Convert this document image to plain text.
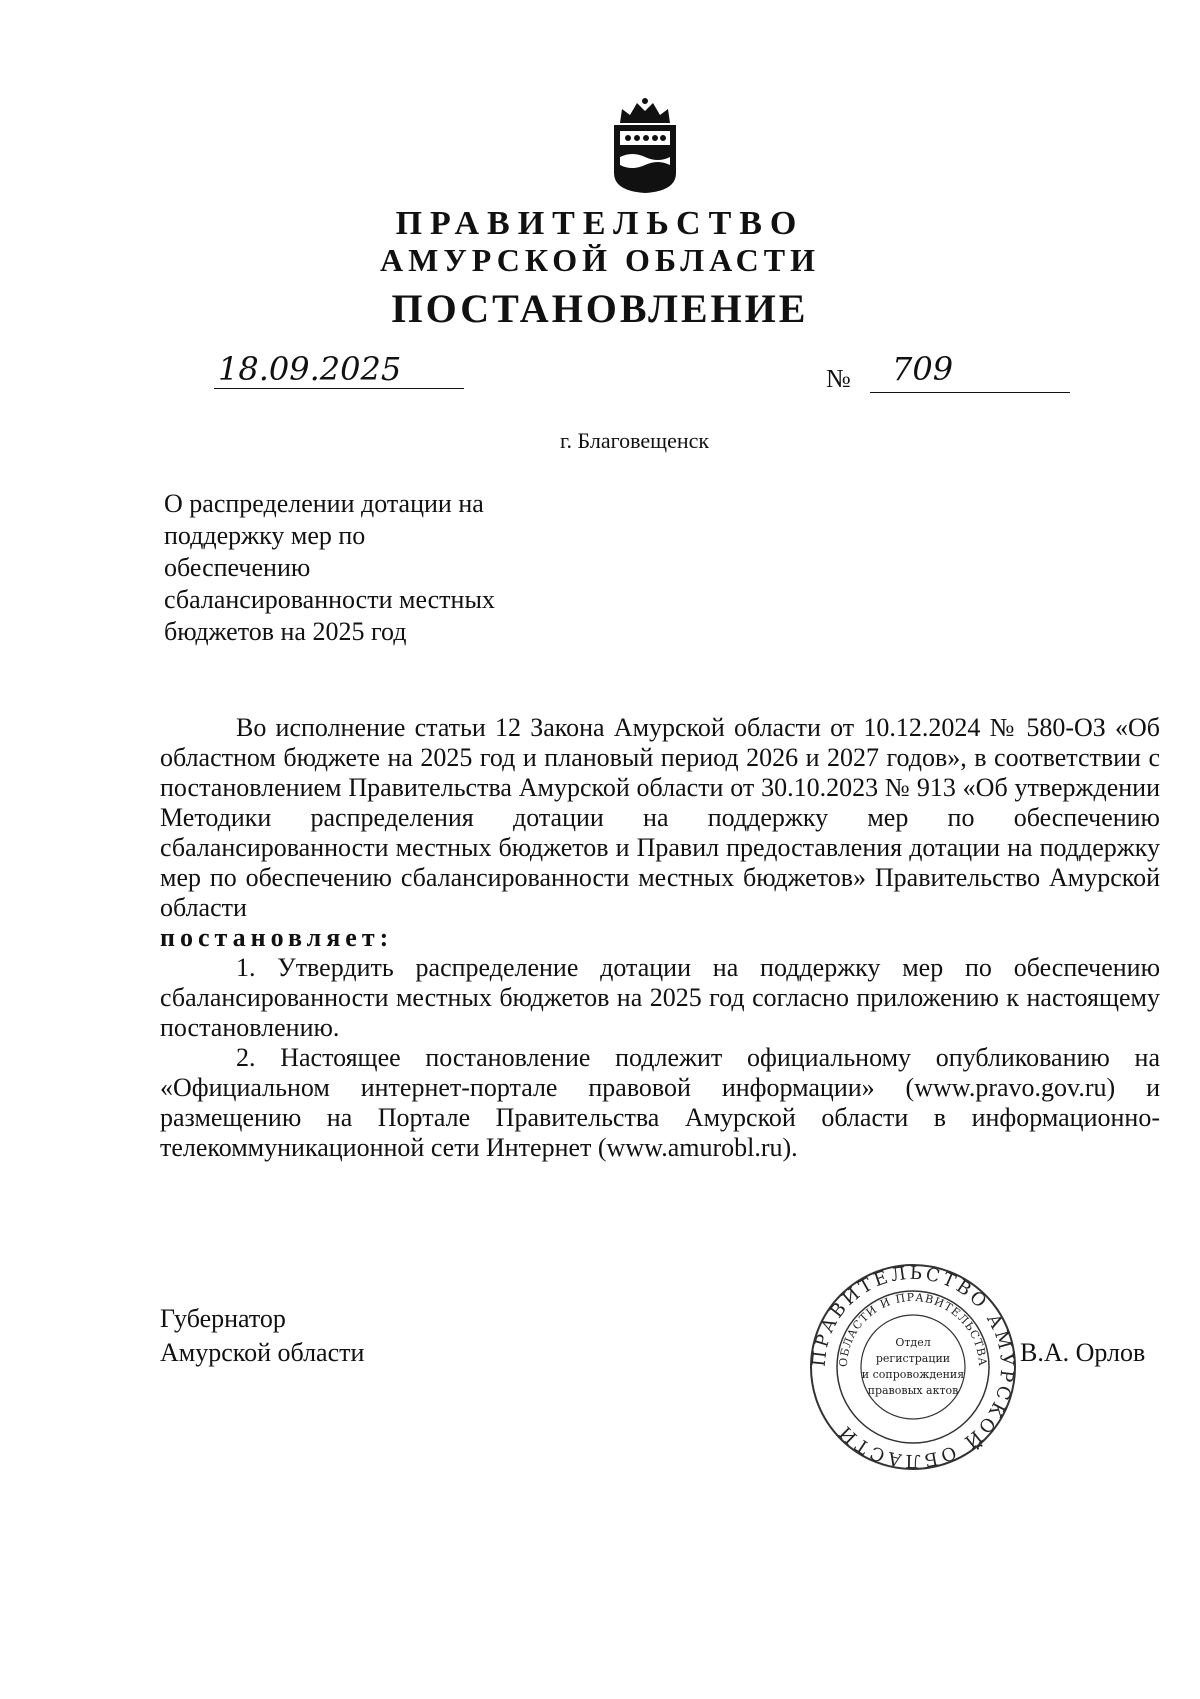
ПРАВИТЕЛЬСТВО
АМУРСКОЙ ОБЛАСТИ
ПОСТАНОВЛЕНИЕ
18.09.2025	№ 709
г. Благовещенск
О распределении дотации на
поддержку мер по
обеспечению
сбалансированности местных
бюджетов на 2025 год

Во исполнение статьи 12 Закона Амурской области от 10.12.2024 № 580-ОЗ «Об областном бюджете на 2025 год и плановый период 2026 и 2027 годов», в соответствии с постановлением Правительства Амурской области от 30.10.2023 № 913 «Об утверждении Методики распределения дотации на поддержку мер по обеспечению сбалансированности местных бюджетов и Правил предоставления дотации на поддержку мер по обеспечению сбалансированности местных бюджетов» Правительство Амурской области

постановляет:

1. Утвердить распределение дотации на поддержку мер по обеспечению сбалансированности местных бюджетов на 2025 год согласно приложению к настоящему постановлению.

2. Настоящее постановление подлежит официальному опубликованию на «Официальном интернет-портале правовой информации» (www.pravo.gov.ru) и размещению на Портале Правительства Амурской области в информационно-телекоммуникационной сети Интернет (www.amurobl.ru).

Губернатор
Амурской области	В.А. Орлов
ПРАВИТЕЛЬСТВО АМУРСКОЙ ОБЛАСТИ
ОБЛАСТИ И ПРАВИТЕЛЬСТВА
Отдел
регистрации
и сопровождения
правовых актов
